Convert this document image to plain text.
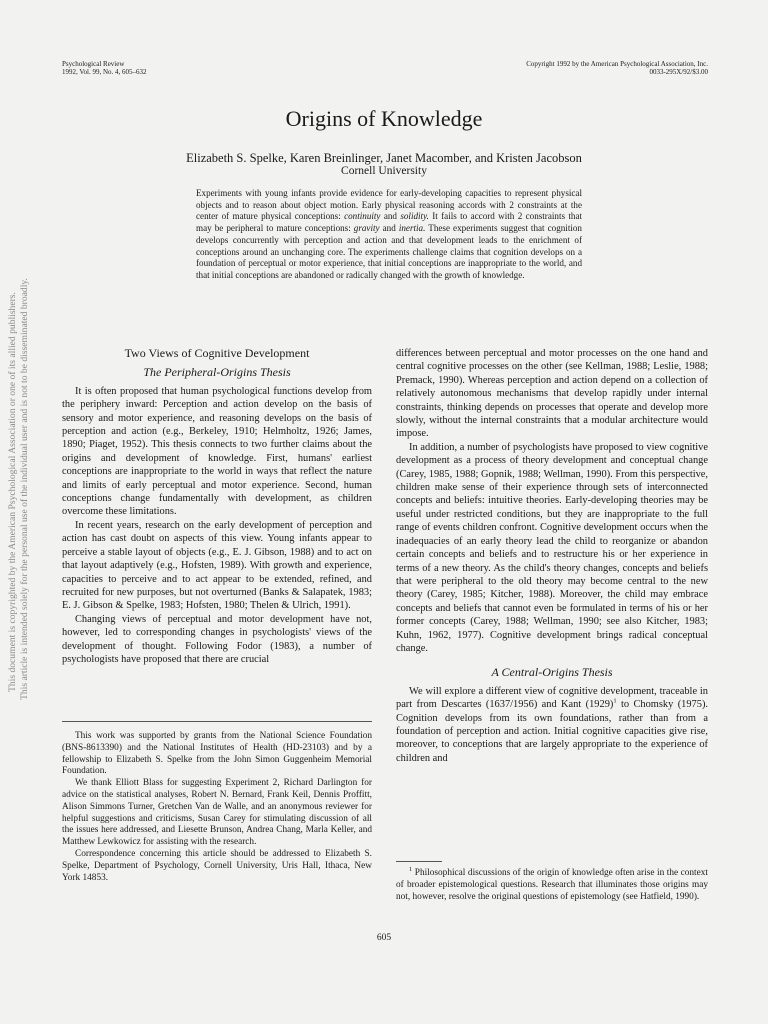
Psychological Review
1992, Vol. 99, No. 4, 605–632
Copyright 1992 by the American Psychological Association, Inc.
0033-295X/92/$3.00
Origins of Knowledge
Elizabeth S. Spelke, Karen Breinlinger, Janet Macomber, and Kristen Jacobson
Cornell University

Experiments with young infants provide evidence for early-developing capacities to represent physical objects and to reason about object motion. Early physical reasoning accords with 2 constraints at the center of mature physical conceptions: continuity and solidity. It fails to accord with 2 constraints that may be peripheral to mature conceptions: gravity and inertia. These experiments suggest that cognition develops concurrently with perception and action and that development leads to the enrichment of conceptions around an unchanging core. The experiments challenge claims that cognition develops on a foundation of perceptual or motor experience, that initial conceptions are inappropriate to the world, and that initial conceptions are abandoned or radically changed with the growth of knowledge.

This document is copyrighted by the American Psychological Association or one of its allied publishers. This article is intended solely for the personal use of the individual user and is not to be disseminated broadly.	Two Views of Cognitive Development
The Peripheral-Origins Thesis

It is often proposed that human psychological functions develop from the periphery inward: Perception and action develop on the basis of sensory and motor experience, and reasoning develops on the basis of perception and action (e.g., Berkeley, 1910; Helmholtz, 1926; James, 1890; Piaget, 1952). This thesis connects to two further claims about the origins and development of knowledge. First, humans' earliest conceptions are inappropriate to the world in ways that reflect the nature and limits of early perceptual and motor experience. Second, human conceptions change fundamentally with development, as children overcome these limitations.

In recent years, research on the early development of perception and action has cast doubt on aspects of this view. Young infants appear to perceive a stable layout of objects (e.g., E. J. Gibson, 1988) and to act on that layout adaptively (e.g., Hofsten, 1989). With growth and experience, capacities to perceive and to act appear to be extended, refined, and recruited for new purposes, but not overturned (Banks & Salapatek, 1983; E. J. Gibson & Spelke, 1983; Hofsten, 1980; Thelen & Ulrich, 1991).

Changing views of perceptual and motor development have not, however, led to corresponding changes in psychologists' views of the development of thought. Following Fodor (1983), a number of psychologists have proposed that there are crucial

differences between perceptual and motor processes on the one hand and central cognitive processes on the other (see Kellman, 1988; Leslie, 1988; Premack, 1990). Whereas perception and action depend on a collection of relatively autonomous mechanisms that develop rapidly under internal constraints, thinking depends on processes that operate and develop more slowly, without the internal constraints that a modular architecture would impose.

In addition, a number of psychologists have proposed to view cognitive development as a process of theory development and conceptual change (Carey, 1985, 1988; Gopnik, 1988; Wellman, 1990). From this perspective, children make sense of their experience through sets of interconnected concepts and beliefs: intuitive theories. Early-developing theories may be useful under restricted conditions, but they are inappropriate to the full range of events children confront. Cognitive development occurs when the inadequacies of an early theory lead the child to reorganize or abandon certain concepts and beliefs and to restructure his or her experience in terms of a new theory. As the child's theory changes, concepts and beliefs that were peripheral to the old theory may become central to the new theory (Carey, 1985; Kitcher, 1988). Moreover, the child may embrace concepts and beliefs that cannot even be formulated in terms of his or her former concepts (Carey, 1988; Wellman, 1990; see also Kitcher, 1983; Kuhn, 1962, 1977). Cognitive development brings radical conceptual change.

A Central-Origins Thesis

We will explore a different view of cognitive development, traceable in part from Descartes (1637/1956) and Kant $(1929)^1$ to Chomsky (1975). Cognition develops from its own foundations, rather than from a foundation of perception and action. Initial cognitive capacities give rise, moreover, to conceptions that are largely appropriate to the experience of children and

This work was supported by grants from the National Science Foundation (BNS-8613390) and the National Institutes of Health (HD-23103) and by a fellowship to Elizabeth S. Spelke from the John Simon Guggenheim Memorial Foundation.

We thank Elliott Blass for suggesting Experiment 2, Richard Darlington for advice on the statistical analyses, Robert N. Bernard, Frank Keil, Dennis Proffitt, Alison Simmons Turner, Gretchen Van de Walle, and an anonymous reviewer for helpful suggestions and criticisms, Susan Carey for stimulating discussion of all the issues here addressed, and Liesette Brunson, Andrea Chang, Marla Keller, and Matthew Lewkowicz for assisting with the research.

Correspondence concerning this article should be addressed to Elizabeth S. Spelke, Department of Psychology, Cornell University, Uris Hall, Ithaca, New York 14853.

$^1$ Philosophical discussions of the origin of knowledge often arise in the context of broader epistemological questions. Research that illuminates those origins may not, however, resolve the original questions of epistemology (see Hatfield, 1990).

605
